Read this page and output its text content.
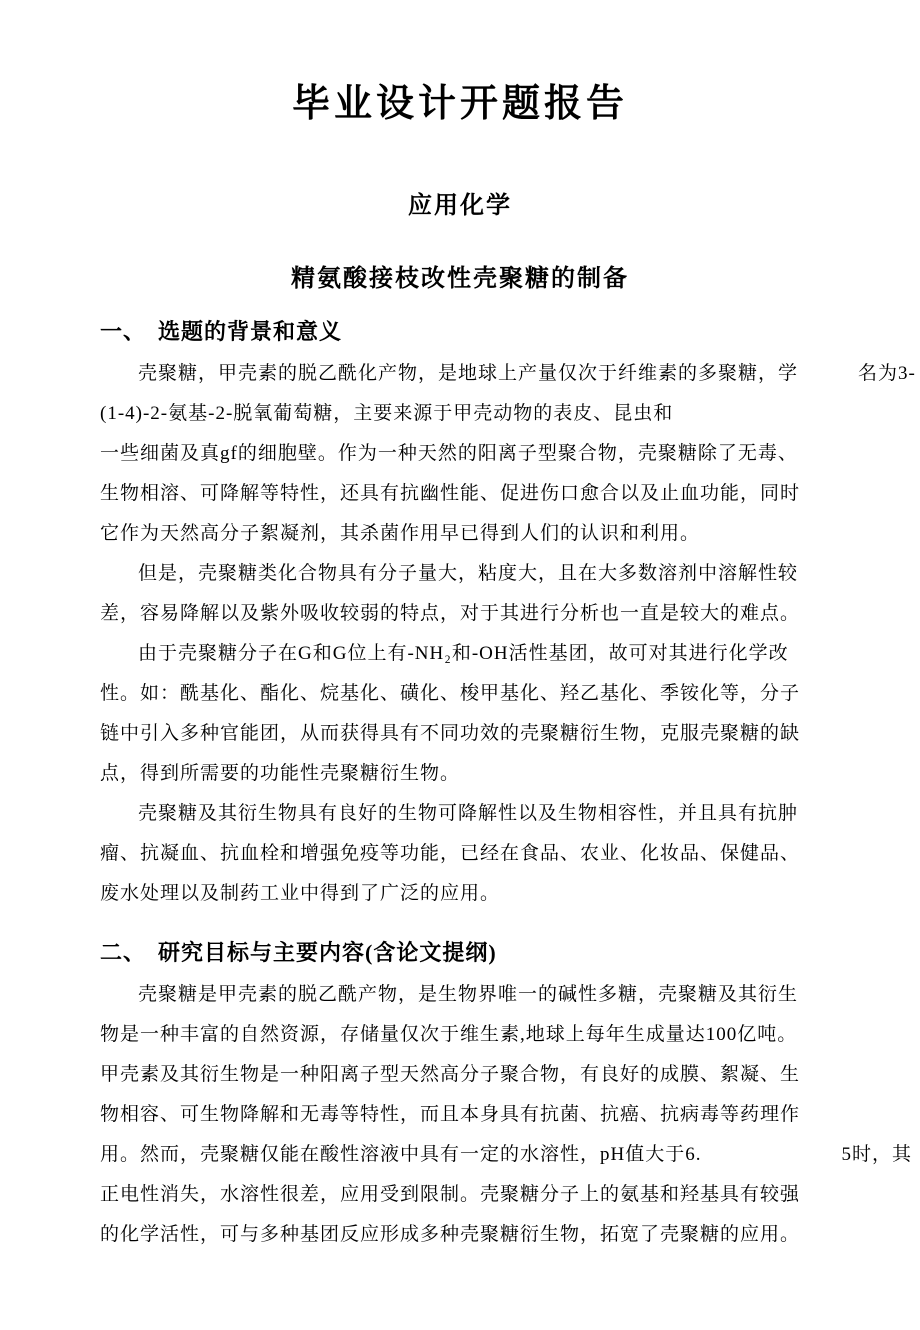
毕业设计开题报告
应用化学
精氨酸接枝改性壳聚糖的制备
一、　选题的背景和意义
壳聚糖，甲壳素的脱乙酰化产物，是地球上产量仅次于纤维素的多聚糖，学　　　名为3-
(1-4)-2-氨基-2-脱氧葡萄糖，主要来源于甲壳动物的表皮、昆虫和
一些细菌及真gf的细胞壁。作为一种天然的阳离子型聚合物，壳聚糖除了无毒、
生物相溶、可降解等特性，还具有抗幽性能、促进伤口愈合以及止血功能，同时
它作为天然高分子絮凝剂，其杀菌作用早已得到人们的认识和利用。
但是，壳聚糖类化合物具有分子量大，粘度大，且在大多数溶剂中溶解性较
差，容易降解以及紫外吸收较弱的特点，对于其进行分析也一直是较大的难点。
由于壳聚糖分子在G和G位上有-NH₂和-OH活性基团，故可对其进行化学改
性。如：酰基化、酯化、烷基化、磺化、梭甲基化、羟乙基化、季铵化等，分子
链中引入多种官能团，从而获得具有不同功效的壳聚糖衍生物，克服壳聚糖的缺
点，得到所需要的功能性壳聚糖衍生物。
壳聚糖及其衍生物具有良好的生物可降解性以及生物相容性，并且具有抗肿
瘤、抗凝血、抗血栓和增强免疫等功能，已经在食品、农业、化妆品、保健品、
废水处理以及制药工业中得到了广泛的应用。
二、　研究目标与主要内容(含论文提纲)
壳聚糖是甲壳素的脱乙酰产物，是生物界唯一的碱性多糖，壳聚糖及其衍生
物是一种丰富的自然资源，存储量仅次于维生素,地球上每年生成量达100亿吨。
甲壳素及其衍生物是一种阳离子型天然高分子聚合物，有良好的成膜、絮凝、生
物相容、可生物降解和无毒等特性，而且本身具有抗菌、抗癌、抗病毒等药理作
用。然而，壳聚糖仅能在酸性溶液中具有一定的水溶性，pH值大于6.　　　　　　　5时，其
正电性消失，水溶性很差，应用受到限制。壳聚糖分子上的氨基和羟基具有较强
的化学活性，可与多种基团反应形成多种壳聚糖衍生物，拓宽了壳聚糖的应用。
